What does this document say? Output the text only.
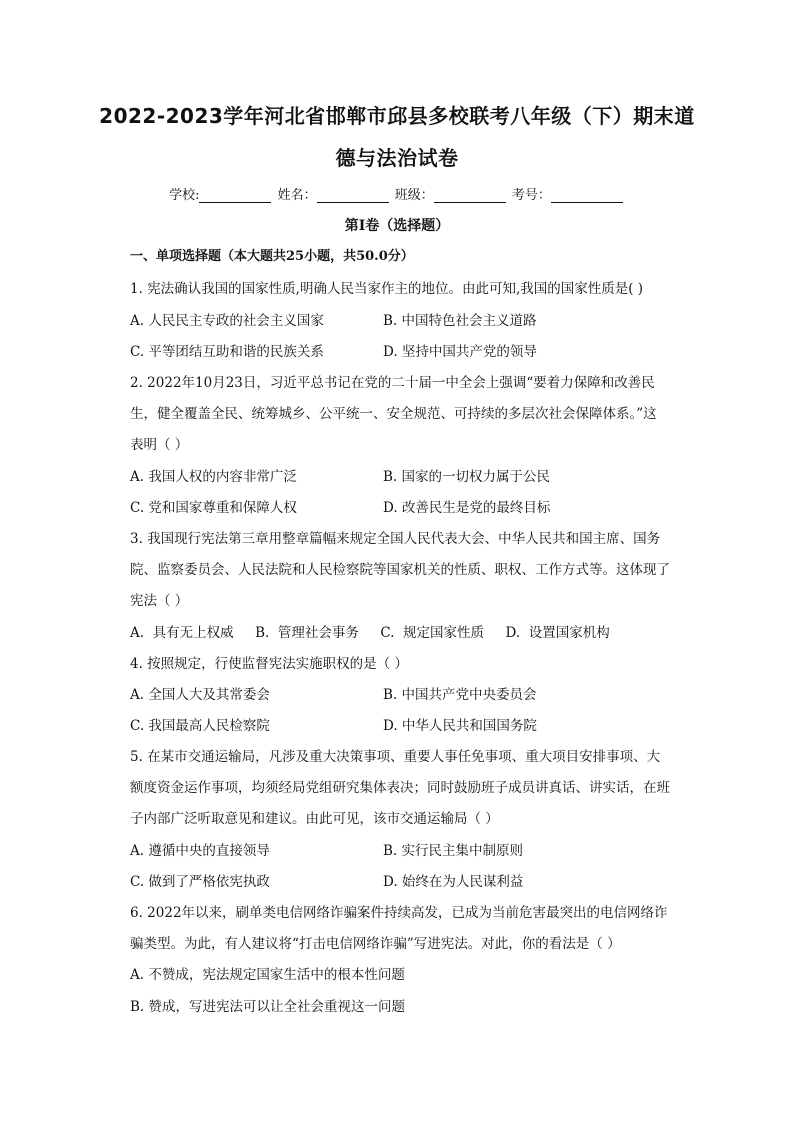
2022-2023学年河北省邯郸市邱县多校联考八年级（下）期末道
德与法治试卷
学校:	姓名：	班级：	考号：
第Ⅰ卷（选择题）
一、单项选择题（本大题共25小题，共50.0分）
1. 宪法确认我国的国家性质,明确人民当家作主的地位。由此可知,我国的国家性质是( )
A. 人民民主专政的社会主义国家	B. 中国特色社会主义道路
C. 平等团结互助和谐的民族关系	D. 坚持中国共产党的领导
2. 2022年10月23日，习近平总书记在党的二十届一中全会上强调“要着力保障和改善民
生，健全覆盖全民、统筹城乡、公平统一、安全规范、可持续的多层次社会保障体系。”这
表明（ ）
A. 我国人权的内容非常广泛	B. 国家的一切权力属于公民
C. 党和国家尊重和保障人权	D. 改善民生是党的最终目标
3. 我国现行宪法第三章用整章篇幅来规定全国人民代表大会、中华人民共和国主席、国务
院、监察委员会、人民法院和人民检察院等国家机关的性质、职权、工作方式等。这体现了
宪法（ ）
A.  具有无上权威     B.  管理社会事务     C.  规定国家性质     D.  设置国家机构
4. 按照规定，行使监督宪法实施职权的是（ ）
A. 全国人大及其常委会	B. 中国共产党中央委员会
C. 我国最高人民检察院	D. 中华人民共和国国务院
5. 在某市交通运输局，凡涉及重大决策事项、重要人事任免事项、重大项目安排事项、大
额度资金运作事项，均须经局党组研究集体表决；同时鼓励班子成员讲真话、讲实话，在班
子内部广泛听取意见和建议。由此可见，该市交通运输局（ ）
A. 遵循中央的直接领导	B. 实行民主集中制原则
C. 做到了严格依宪执政	D. 始终在为人民谋利益
6. 2022年以来，刷单类电信网络诈骗案件持续高发，已成为当前危害最突出的电信网络诈
骗类型。为此，有人建议将“打击电信网络诈骗”写进宪法。对此，你的看法是（ ）
A. 不赞成，宪法规定国家生活中的根本性问题
B. 赞成，写进宪法可以让全社会重视这一问题
